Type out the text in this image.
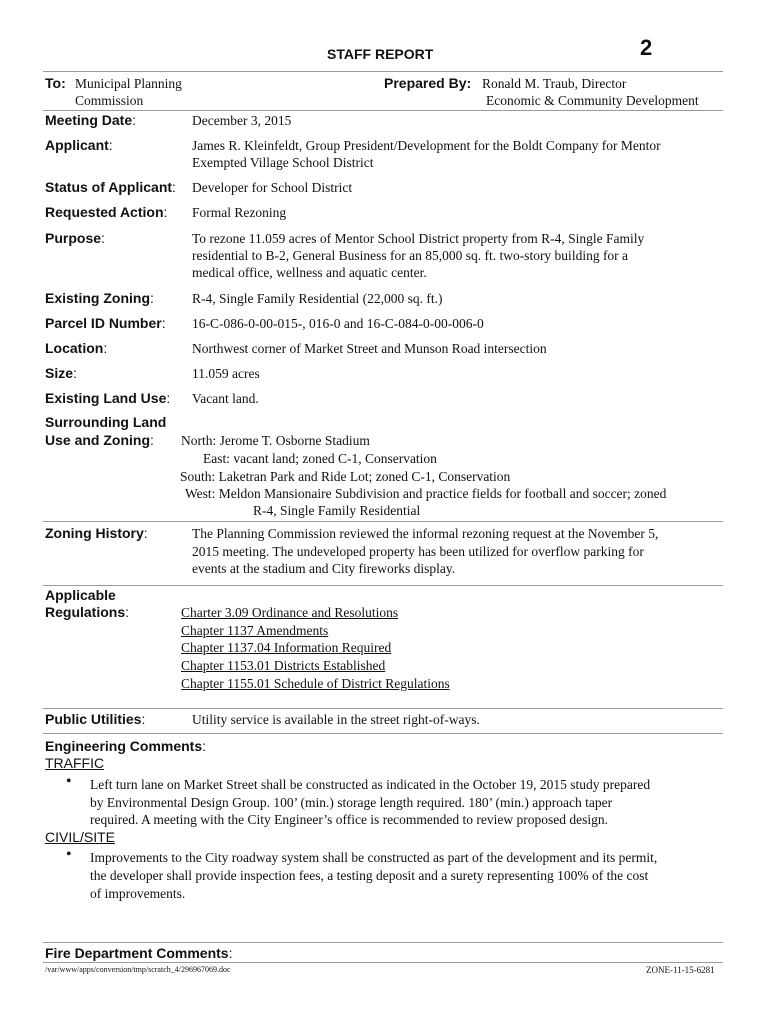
STAFF REPORT	2
To: Municipal Planning
Commission
Prepared By: Ronald M. Traub, Director
Economic & Community Development
Meeting Date:	December 3, 2015
Applicant:	James R. Kleinfeldt, Group President/Development for the Boldt Company for Mentor
Exempted Village School District
Status of Applicant: Developer for School District
Requested Action: Formal Rezoning
Purpose:	To rezone 11.059 acres of Mentor School District property from R-4, Single Family
residential to B-2, General Business for an 85,000 sq. ft. two-story building for a
medical office, wellness and aquatic center.
Existing Zoning:	R-4, Single Family Residential (22,000 sq. ft.)
Parcel ID Number: 16-C-086-0-00-015-, 016-0 and 16-C-084-0-00-006-0
Location:	Northwest corner of Market Street and Munson Road intersection
Size:	11.059 acres
Existing Land Use: Vacant land.
Surrounding Land
Use and Zoning: North: Jerome T. Osborne Stadium
East: vacant land; zoned C-1, Conservation
South: Laketran Park and Ride Lot; zoned C-1, Conservation
West: Meldon Mansionaire Subdivision and practice fields for football and soccer; zoned
R-4, Single Family Residential
Zoning History:	The Planning Commission reviewed the informal rezoning request at the November 5,
2015 meeting. The undeveloped property has been utilized for overflow parking for
events at the stadium and City fireworks display.
Applicable
Regulations:	Charter 3.09 Ordinance and Resolutions
Chapter 1137 Amendments
Chapter 1137.04 Information Required
Chapter 1153.01 Districts Established
Chapter 1155.01 Schedule of District Regulations
Public Utilities:	Utility service is available in the street right-of-ways.
Engineering Comments:
TRAFFIC
• Left turn lane on Market Street shall be constructed as indicated in the October 19, 2015 study prepared
by Environmental Design Group. 100’ (min.) storage length required. 180’ (min.) approach taper
required. A meeting with the City Engineer’s office is recommended to review proposed design.
CIVIL/SITE
• Improvements to the City roadway system shall be constructed as part of the development and its permit,
the developer shall provide inspection fees, a testing deposit and a surety representing 100% of the cost
of improvements.
Fire Department Comments:
/var/www/apps/conversion/tmp/scratch_4/296967069.doc	ZONE-11-15-6281
